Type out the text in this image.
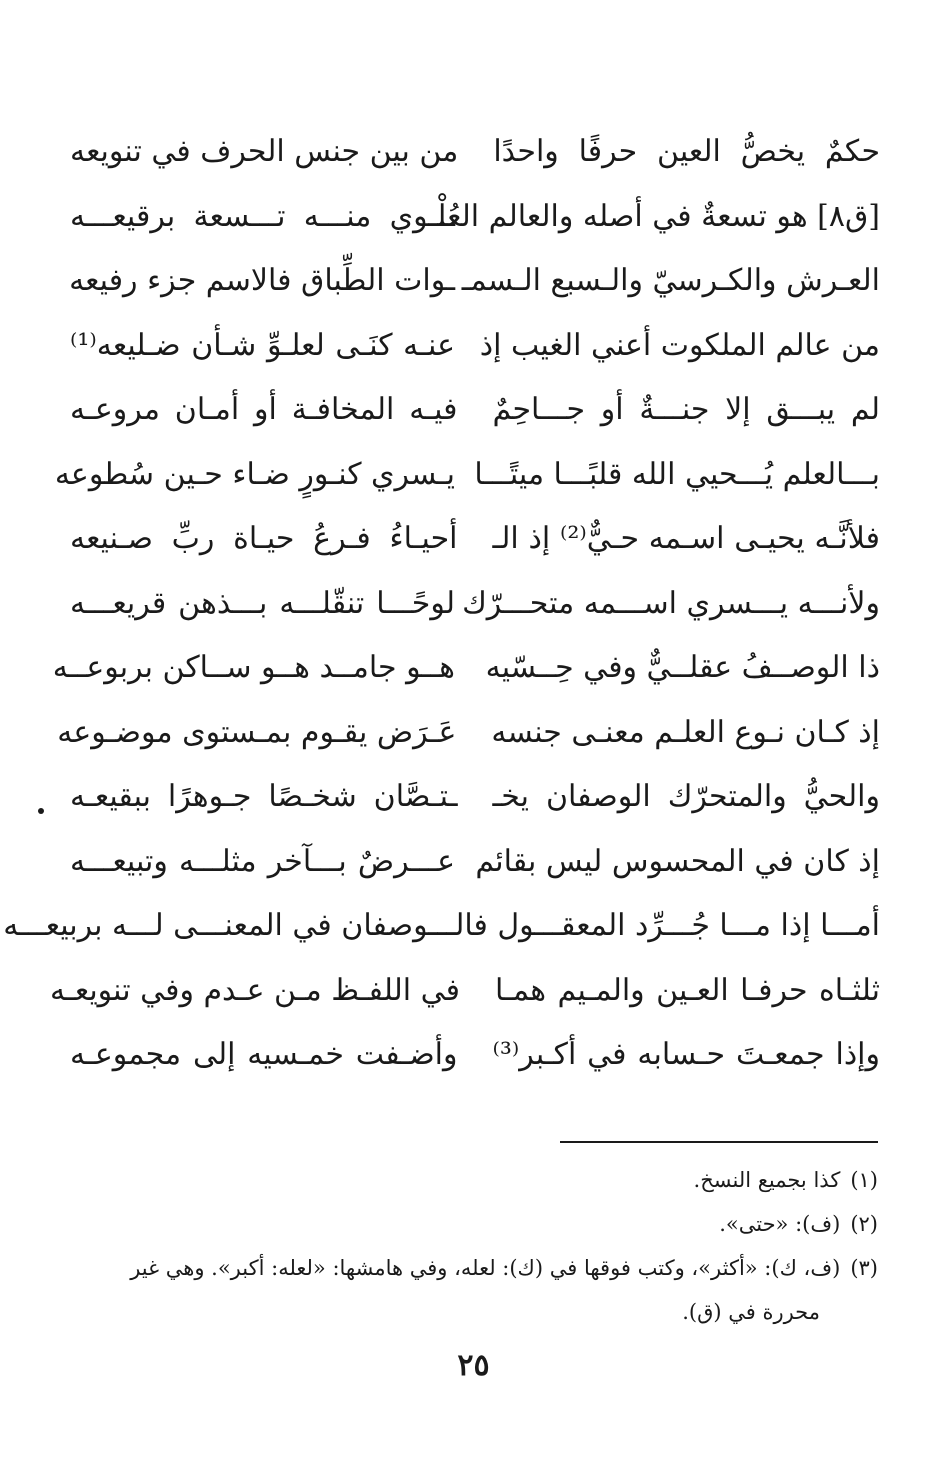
حكمٌ يخصُّ العين حرفًا واحدًا
من بين جنس الحرف في تنويعه
[ق٨] هو تسعةٌ في أصله والعالم العُلْـ
ـــوي منـــه تـــسعة برقيعـــه
العـرش والكـرسيّ والـسبع الـسمـ
ـوات الطِّباق فالاسم جزء رفيعه
من عالم الملكوت أعني الغيب إذ
عنـه كنَـى لعلـوِّ شـأن ضـليعه⁽¹⁾
لم يبـــق إلا جنـــةٌ أو جـــاحِمٌ
فيـه المخافـة أو أمـان مروعـه
بـــالعلم يُـــحيي الله قلبًـــا ميتًـــا
يـسري كنـورٍ ضـاء حـين سُطوعه
فلأنَّـه يحيـى اسـمه حـيٌّ⁽²⁾ إذ الـ
أحيـاءُ فـرعُ حيـاة ربِّ صـنيعه
ولأنـــه يـــسري اســـمه متحـــرّك
لوحًـــا تنقّلـــه بـــذهن قريعـــه
ذا الوصــفُ عقلــيٌّ وفي حِــسّيه
هــو جامــد هــو ســاكن بربوعــه
إذ كـان نـوع العلـم معنـى جنسه
عَـرَض يقـوم بمـستوى موضـوعه
والحيُّ والمتحرّك الوصفان يخـ
ـتـصَّان شخـصًا جـوهرًا ببقيعـه
إذ كان في المحسوس ليس بقائم
عـــرضٌ بـــآخر مثلـــه وتبيعـــه
أمـــا إذا مـــا جُـــرِّد المعقـــول فالـــ
ـــوصفان في المعنـــى لـــه بربيعـــه
ثلثـاه حرفـا العـين والمـيم همـا
في اللفـظ مـن عـدم وفي تنويعـه
وإذا جمعـتَ حـسابه في أكـبر⁽³⁾
وأضـفت خمـسيه إلى مجموعـه
(١)كذا بجميع النسخ.
(٢)(ف): «حتى».
(٣)(ف، ك): «أكثر»، وكتب فوقها في (ك): لعله، وفي هامشها: «لعله: أكبر». وهي غير
محررة في (ق).
٢٥
